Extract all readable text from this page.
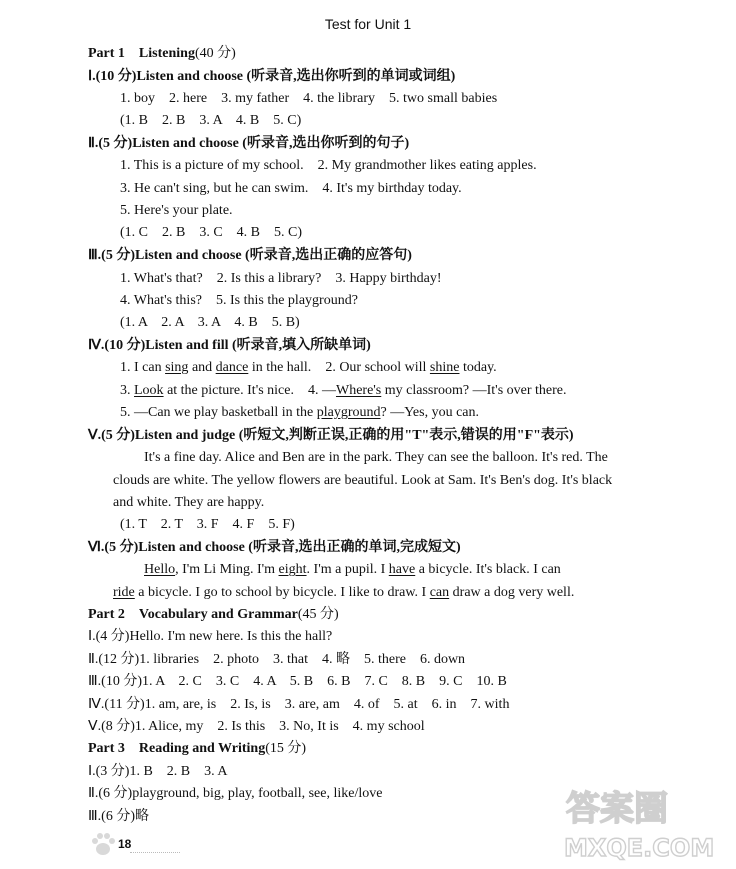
Test for Unit 1
Part 1　Listening(40 分)
Ⅰ.(10 分)Listen and choose (听录音,选出你听到的单词或词组)
1. boy 2. here 3. my father 4. the library 5. two small babies
(1. B　2. B　3. A　4. B　5. C)
Ⅱ.(5 分)Listen and choose (听录音,选出你听到的句子)
1. This is a picture of my school. 2. My grandmother likes eating apples.
3. He can't sing, but he can swim. 4. It's my birthday today.
5. Here's your plate.
(1. C　2. B　3. C　4. B　5. C)
Ⅲ.(5 分)Listen and choose (听录音,选出正确的应答句)
1. What's that? 2. Is this a library? 3. Happy birthday!
4. What's this? 5. Is this the playground?
(1. A　2. A　3. A　4. B　5. B)
Ⅳ.(10 分)Listen and fill (听录音,填入所缺单词)
1. I can sing and dance in the hall. 2. Our school will shine today.
3. Look at the picture. It's nice. 4. —Where's my classroom? —It's over there.
5. —Can we play basketball in the playground? —Yes, you can.
Ⅴ.(5 分)Listen and judge (听短文,判断正误,正确的用"T"表示,错误的用"F"表示)
It's a fine day. Alice and Ben are in the park. They can see the balloon. It's red. The
clouds are white. The yellow flowers are beautiful. Look at Sam. It's Ben's dog. It's black
and white. They are happy.
(1. T　2. T　3. F　4. F　5. F)
Ⅵ.(5 分)Listen and choose (听录音,选出正确的单词,完成短文)
Hello, I'm Li Ming. I'm eight. I'm a pupil. I have a bicycle. It's black. I can
ride a bicycle. I go to school by bicycle. I like to draw. I can draw a dog very well.
Part 2　Vocabulary and Grammar(45 分)
Ⅰ.(4 分)Hello. I'm new here. Is this the hall?
Ⅱ.(12 分)1. libraries　2. photo　3. that　4. 略　5. there　6. down
Ⅲ.(10 分)1. A　2. C　3. C　4. A　5. B　6. B　7. C　8. B　9. C　10. B
Ⅳ.(11 分)1. am, are, is　2. Is, is　3. are, am　4. of　5. at　6. in　7. with
Ⅴ.(8 分)1. Alice, my　2. Is this　3. No, It is　4. my school
Part 3　Reading and Writing(15 分)
Ⅰ.(3 分)1. B　2. B　3. A
Ⅱ.(6 分)playground, big, play, football, see, like/love
Ⅲ.(6 分)略
18
答案圈
MXQE.COM
